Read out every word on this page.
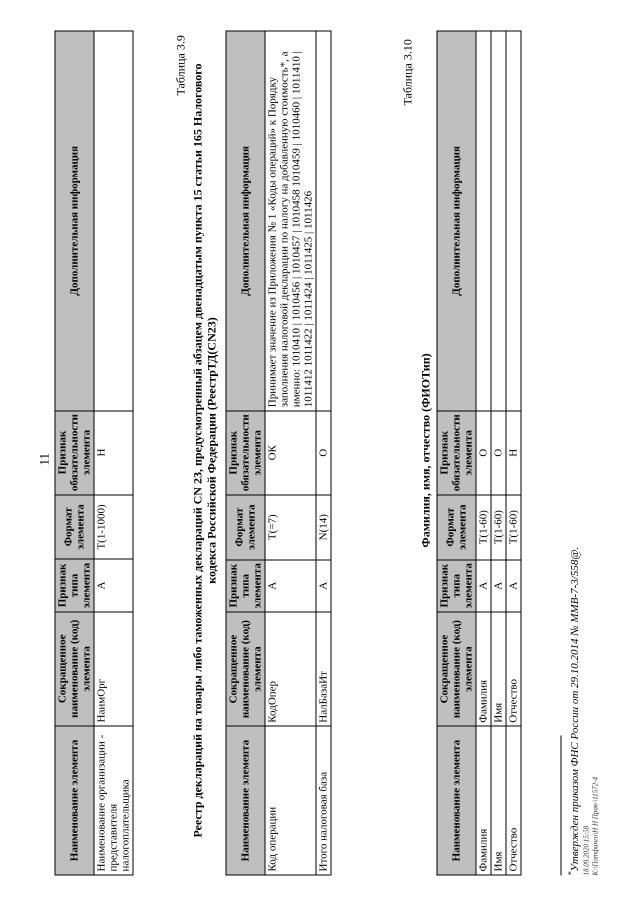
11
Наименование элемента	Сокращенное наименование (код) элемента	Признак типа элемента	Формат элемента	Признак обязательности элемента	Дополнительная информация
Наименование организации - представителя налогоплательщика	НаимОрг	А	T(1-1000)	Н	
Таблица 3.9 Реестр деклараций на товары либо таможенных деклараций CN 23, предусмотренный абзацем двенадцатым пункта 15 статьи 165 Налогового кодекса Российской Федерации (РеестрТД(CN23)
Наименование элемента	Сокращенное наименование (код) элемента	Признак типа элемента	Формат элемента	Признак обязательности элемента	Дополнительная информация
Код операции	КодОпер	А	T(=7)	ОК	Принимает значение из Приложения № 1 «Коды операций» к Порядку заполнения налоговой декларации по налогу на добавленную стоимость*, а именно: 1010410 | 1010456 | 1010457 | 1010458 1010459 | 1010460 | 1011410 | 1011412 1011422 | 1011424 | 1011425 | 1011426
Итого налоговая база	НалБазаИт	А	N(14)	О	
Таблица 3.10
Фамилия, имя, отчество (ФИОТип)
Наименование элемента	Сокращенное наименование (код) элемента	Признак типа элемента	Формат элемента	Признак обязательности элемента	Дополнительная информация
Фамилия	Фамилия	А	T(1-60)	О	
Имя	Имя	А	T(1-60)	О	
Отчество	Отчество	А	T(1-60)	Н	
*Утвержден приказом ФНС России от 29.10.2014 № ММВ-7-3/558@. 18.09.2020 15:58 К:\Потфинго\Н Н Прав-\11572-4
